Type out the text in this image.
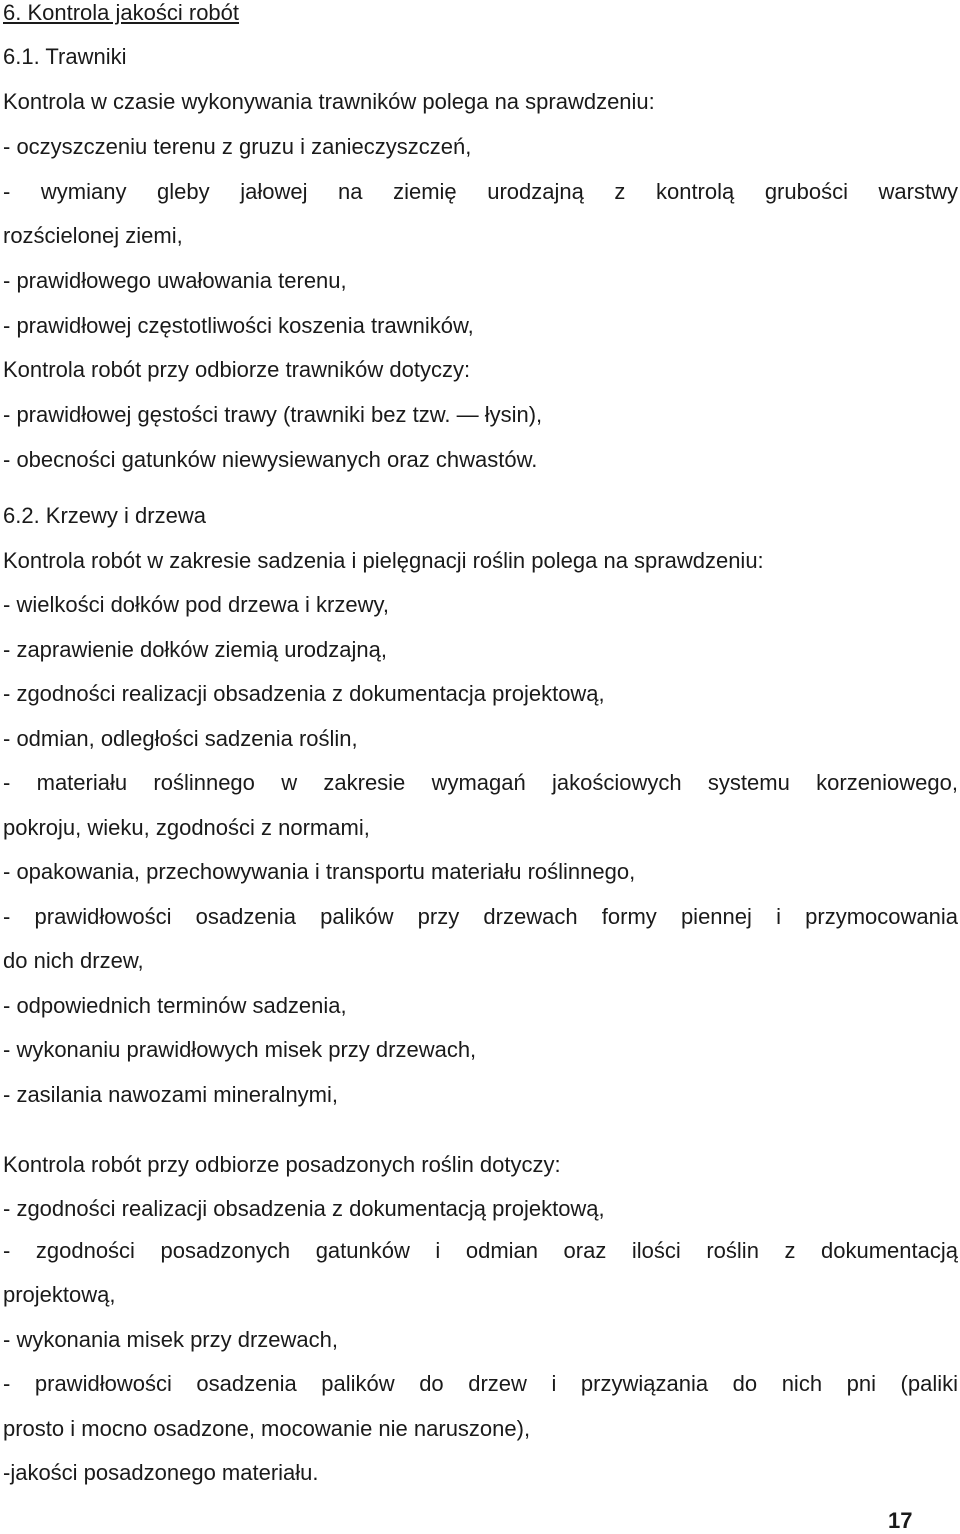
6. Kontrola jakości robót
6.1. Trawniki
Kontrola w czasie wykonywania trawników polega na sprawdzeniu:
- oczyszczeniu terenu z gruzu i zanieczyszczeń,
- wymiany gleby jałowej na ziemię urodzajną z kontrolą grubości warstwy
rozścielonej ziemi,
- prawidłowego uwałowania terenu,
- prawidłowej częstotliwości koszenia trawników,
Kontrola robót przy odbiorze trawników dotyczy:
- prawidłowej gęstości trawy (trawniki bez tzw. — łysin),
- obecności gatunków niewysiewanych oraz chwastów.
6.2. Krzewy i drzewa
Kontrola robót w zakresie sadzenia i pielęgnacji roślin polega na sprawdzeniu:
- wielkości dołków pod drzewa i krzewy,
- zaprawienie dołków ziemią urodzajną,
- zgodności realizacji obsadzenia z dokumentacja projektową,
- odmian, odległości sadzenia roślin,
- materiału roślinnego w zakresie wymagań jakościowych systemu korzeniowego,
pokroju, wieku, zgodności z normami,
- opakowania, przechowywania i transportu materiału roślinnego,
- prawidłowości osadzenia palików przy drzewach formy piennej i przymocowania
do nich drzew,
- odpowiednich terminów sadzenia,
- wykonaniu prawidłowych misek przy drzewach,
- zasilania nawozami mineralnymi,
Kontrola robót przy odbiorze posadzonych roślin dotyczy:
- zgodności realizacji obsadzenia z dokumentacją projektową,
- zgodności posadzonych gatunków i odmian oraz ilości roślin z dokumentacją
projektową,
- wykonania misek przy drzewach,
- prawidłowości osadzenia palików do drzew i przywiązania do nich pni (paliki
prosto i mocno osadzone, mocowanie nie naruszone),
-jakości posadzonego materiału.
17
